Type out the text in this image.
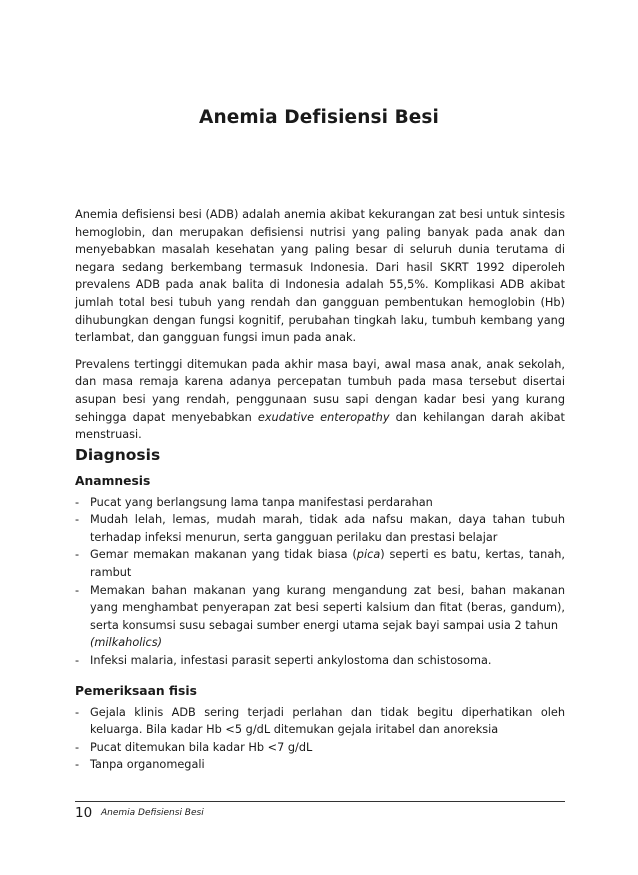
Anemia Defisiensi Besi

Anemia defisiensi besi (ADB) adalah anemia akibat kekurangan zat besi untuk sintesis hemoglobin, dan merupakan defisiensi nutrisi yang paling banyak pada anak dan menyebabkan masalah kesehatan yang paling besar di seluruh dunia terutama di negara sedang berkembang termasuk Indonesia. Dari hasil SKRT 1992 diperoleh prevalens ADB pada anak balita di Indonesia adalah 55,5%. Komplikasi ADB akibat jumlah total besi tubuh yang rendah dan gangguan pembentukan hemoglobin (Hb) dihubungkan dengan fungsi kognitif, perubahan tingkah laku, tumbuh kembang yang terlambat, dan gangguan fungsi imun pada anak.

Prevalens tertinggi ditemukan pada akhir masa bayi, awal masa anak, anak sekolah, dan masa remaja karena adanya percepatan tumbuh pada masa tersebut disertai asupan besi yang rendah, penggunaan susu sapi dengan kadar besi yang kurang sehingga dapat menyebabkan exudative enteropathy dan kehilangan darah akibat menstruasi.

Diagnosis
Anamnesis
- Pucat yang berlangsung lama tanpa manifestasi perdarahan
- Mudah lelah, lemas, mudah marah, tidak ada nafsu makan, daya tahan tubuh terhadap infeksi menurun, serta gangguan perilaku dan prestasi belajar
- Gemar memakan makanan yang tidak biasa (pica) seperti es batu, kertas, tanah, rambut
- Memakan bahan makanan yang kurang mengandung zat besi, bahan makanan yang menghambat penyerapan zat besi seperti kalsium dan fitat (beras, gandum), serta konsumsi susu sebagai sumber energi utama sejak bayi sampai usia 2 tahun
(milkaholics)
- Infeksi malaria, infestasi parasit seperti ankylostoma dan schistosoma.
Pemeriksaan fisis
- Gejala klinis ADB sering terjadi perlahan dan tidak begitu diperhatikan oleh keluarga. Bila kadar Hb <5 g/dL ditemukan gejala iritabel dan anoreksia
- Pucat ditemukan bila kadar Hb <7 g/dL
- Tanpa organomegali
10 Anemia Defisiensi Besi
